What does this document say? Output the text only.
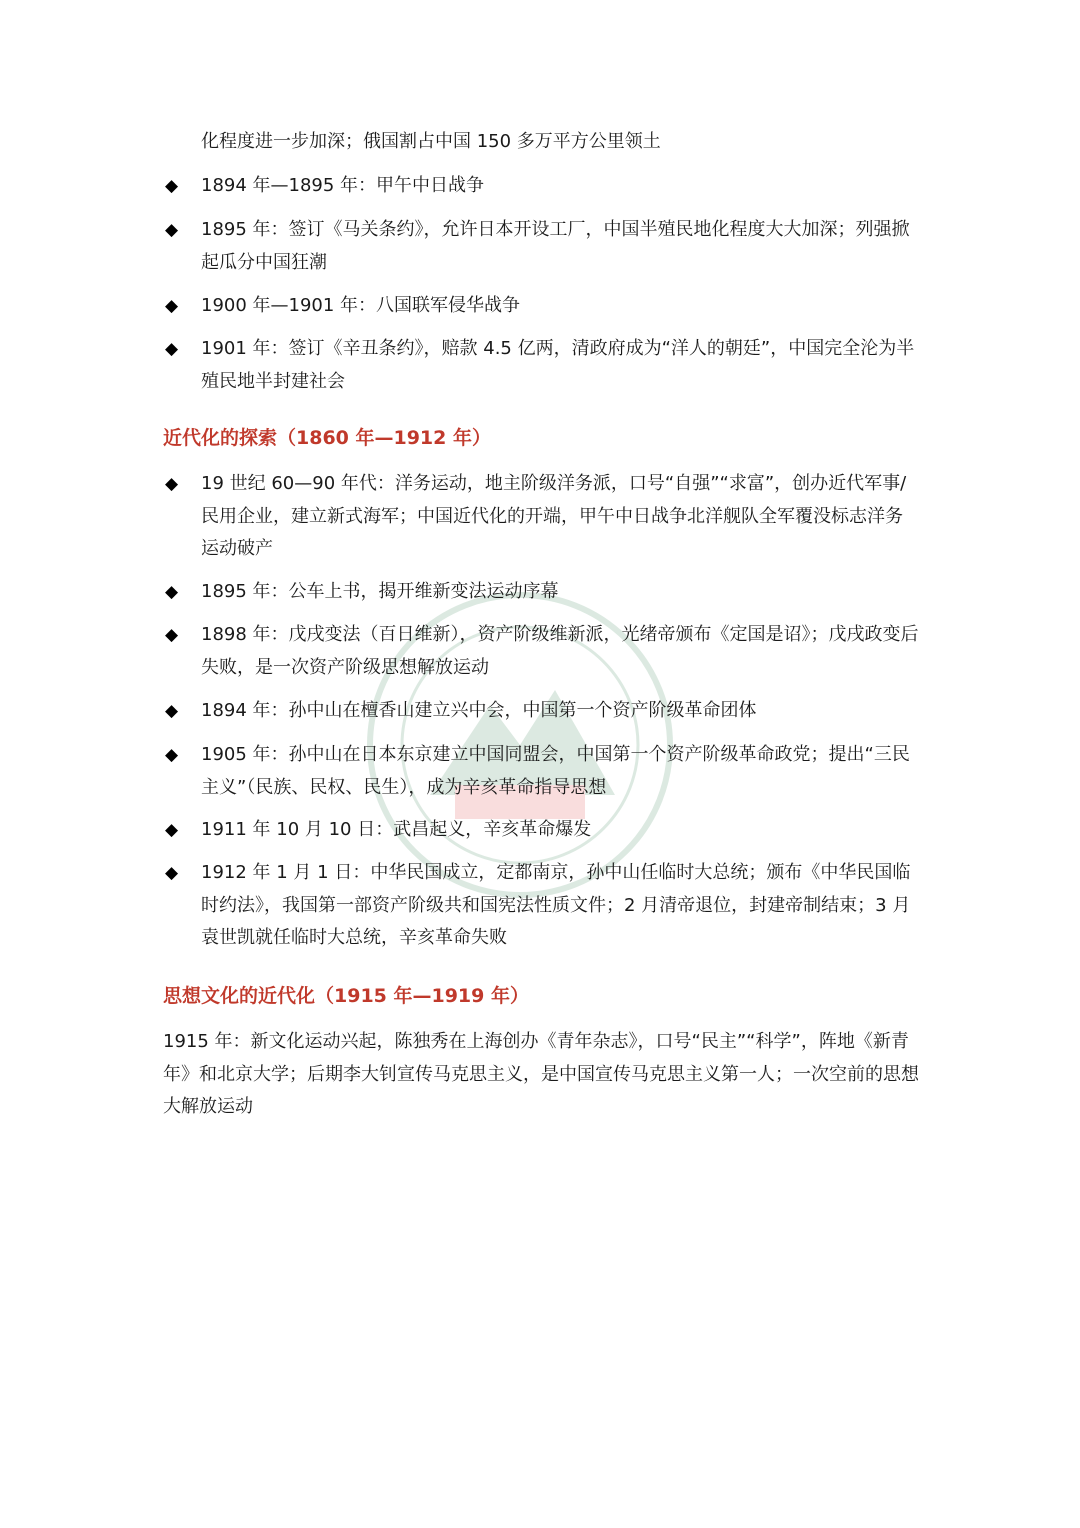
化程度进一步加深；俄国割占中国 150 多万平方公里领土

◆	1894 年—1895 年：甲午中日战争

◆	1895 年：签订《马关条约》，允许日本开设工厂，中国半殖民地化程度大大加深；列强掀起瓜分中国狂潮

◆	1900 年—1901 年：八国联军侵华战争

◆	1901 年：签订《辛丑条约》，赔款 4.5 亿两，清政府成为“洋人的朝廷”，中国完全沦为半殖民地半封建社会

近代化的探索（1860 年—1912 年）
◆	19 世纪 60—90 年代：洋务运动，地主阶级洋务派，口号“自强”“求富”，创办近代军事/民用企业，建立新式海军；中国近代化的开端，甲午中日战争北洋舰队全军覆没标志洋务运动破产

◆	1895 年：公车上书，揭开维新变法运动序幕

◆	1898 年：戊戌变法（百日维新），资产阶级维新派，光绪帝颁布《定国是诏》；戊戌政变后失败，是一次资产阶级思想解放运动

◆	1894 年：孙中山在檀香山建立兴中会，中国第一个资产阶级革命团体

◆	1905 年：孙中山在日本东京建立中国同盟会，中国第一个资产阶级革命政党；提出“三民主义”（民族、民权、民生），成为辛亥革命指导思想

◆	1911 年 10 月 10 日：武昌起义，辛亥革命爆发

◆	1912 年 1 月 1 日：中华民国成立，定都南京，孙中山任临时大总统；颁布《中华民国临时约法》，我国第一部资产阶级共和国宪法性质文件；2 月清帝退位，封建帝制结束；3 月袁世凯就任临时大总统，辛亥革命失败

思想文化的近代化（1915 年—1919 年）

1915 年：新文化运动兴起，陈独秀在上海创办《青年杂志》，口号“民主”“科学”，阵地《新青年》和北京大学；后期李大钊宣传马克思主义，是中国宣传马克思主义第一人；一次空前的思想大解放运动
